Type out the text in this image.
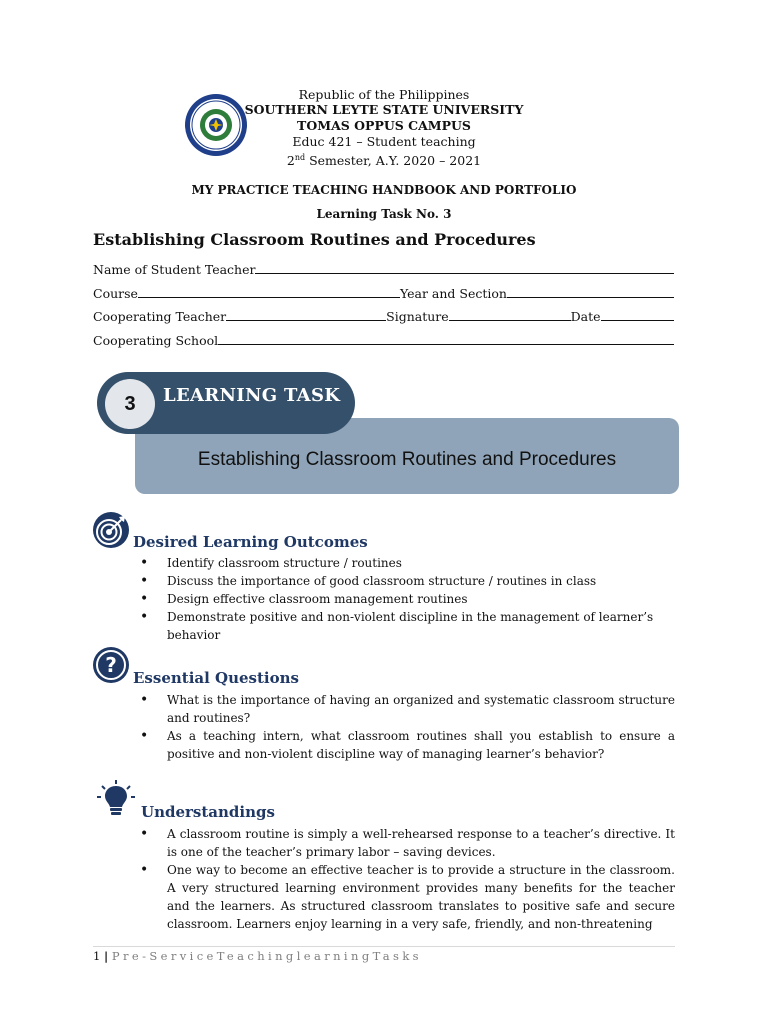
Republic of the Philippines
SOUTHERN LEYTE STATE UNIVERSITY
TOMAS OPPUS CAMPUS
Educ 421 – Student teaching
2nd Semester, A.Y. 2020 – 2021
MY PRACTICE TEACHING HANDBOOK AND PORTFOLIO
Learning Task No. 3
Establishing Classroom Routines and Procedures
Name of Student Teacher
Course	Year and Section
Cooperating Teacher	Signature	Date
Cooperating School
Establishing Classroom Routines and Procedures
3	LEARNING TASK
Desired Learning Outcomes
• Identify classroom structure / routines
• Discuss the importance of good classroom structure / routines in class
• Design effective classroom management routines
• Demonstrate positive and non-violent discipline in the management of learner’s behavior
?
Essential Questions
• What is the importance of having an organized and systematic classroom structure and routines?
• As a teaching intern, what classroom routines shall you establish to ensure a positive and non-violent discipline way of managing learner’s behavior?
Understandings
• A classroom routine is simply a well-rehearsed response to a teacher’s directive. It is one of the teacher’s primary labor – saving devices.
• One way to become an effective teacher is to provide a structure in the classroom. A very structured learning environment provides many benefits for the teacher and the learners. As structured classroom translates to positive safe and secure classroom. Learners enjoy learning in a very safe, friendly, and non-threatening
1 | Pre-ServiceTeachinglearningTasks
